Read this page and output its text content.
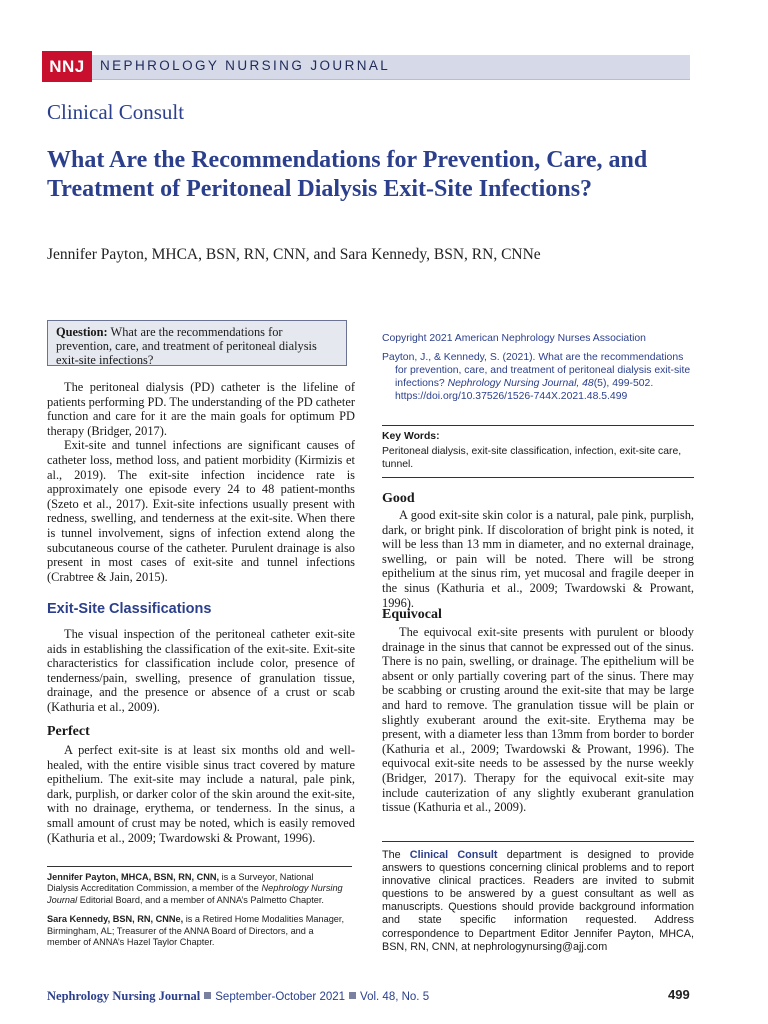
NNJ	NEPHROLOGY NURSING JOURNAL
Clinical Consult
What Are the Recommendations for Prevention, Care, and Treatment of Peritoneal Dialysis Exit-Site Infections?
Jennifer Payton, MHCA, BSN, RN, CNN, and Sara Kennedy, BSN, RN, CNNe
Question: What are the recommendations for prevention, care, and treatment of peritoneal dialysis exit-site infections?

The peritoneal dialysis (PD) catheter is the lifeline of patients performing PD. The understanding of the PD catheter function and care for it are the main goals for optimum PD therapy (Bridger, 2017).

Exit-site and tunnel infections are significant causes of catheter loss, method loss, and patient morbidity (Kirmizis et al., 2019). The exit-site infection incidence rate is approximately one episode every 24 to 48 patient-months (Szeto et al., 2017). Exit-site infections usually present with redness, swelling, and tenderness at the exit-site. When there is tunnel involvement, signs of infection extend along the subcutaneous course of the catheter. Purulent drainage is also present in most cases of exit-site and tunnel infections (Crabtree & Jain, 2015).

Exit-Site Classifications

The visual inspection of the peritoneal catheter exit-site aids in establishing the classification of the exit-site. Exit-site characteristics for classification include color, presence of tenderness/pain, swelling, presence of granulation tissue, drainage, and the presence or absence of a crust or scab (Kathuria et al., 2009).

Perfect

A perfect exit-site is at least six months old and well-healed, with the entire visible sinus tract covered by mature epithelium. The exit-site may include a natural, pale pink, dark, purplish, or darker color of the skin around the exit-site, with no drainage, erythema, or tenderness. In the sinus, a small amount of crust may be noted, which is easily removed (Kathuria et al., 2009; Twardowski & Prowant, 1996).

Jennifer Payton, MHCA, BSN, RN, CNN, is a Surveyor, National Dialysis Accreditation Commission, a member of the Nephrology Nursing Journal Editorial Board, and a member of ANNA’s Palmetto Chapter.

Sara Kennedy, BSN, RN, CNNe, is a Retired Home Modalities Manager, Birmingham, AL; Treasurer of the ANNA Board of Directors, and a member of ANNA’s Hazel Taylor Chapter.

Copyright 2021 American Nephrology Nurses Association
Payton, J., & Kennedy, S. (2021). What are the recommendations for prevention, care, and treatment of peritoneal dialysis exit-site infections? Nephrology Nursing Journal, 48(5), 499-502. https://doi.org/10.37526/1526-744X.2021.48.5.499
Key Words:
Peritoneal dialysis, exit-site classification, infection, exit-site care, tunnel.
Good

A good exit-site skin color is a natural, pale pink, purplish, dark, or bright pink. If discoloration of bright pink is noted, it will be less than 13 mm in diameter, and no external drainage, swelling, or pain will be noted. There will be strong epithelium at the sinus rim, yet mucosal and fragile deeper in the sinus (Kathuria et al., 2009; Twardowski & Prowant, 1996).

Equivocal

The equivocal exit-site presents with purulent or bloody drainage in the sinus that cannot be expressed out of the sinus. There is no pain, swelling, or drainage. The epithelium will be absent or only partially covering part of the sinus. There may be scabbing or crusting around the exit-site that may be large and hard to remove. The granulation tissue will be plain or slightly exuberant around the exit-site. Erythema may be present, with a diameter less than 13mm from border to border (Kathuria et al., 2009; Twardowski & Prowant, 1996). The equivocal exit-site needs to be assessed by the nurse weekly (Bridger, 2017). Therapy for the equivocal exit-site may include cauterization of any slightly exuberant granulation tissue (Kathuria et al., 2009).

The Clinical Consult department is designed to provide answers to questions concerning clinical problems and to report innovative clinical practices. Readers are invited to submit questions to be answered by a guest consultant as well as manuscripts. Questions should provide background information and state specific information requested. Address correspondence to Department Editor Jennifer Payton, MHCA, BSN, RN, CNN, at nephrologynursing@ajj.com
Nephrology Nursing Journal September-October 2021 Vol. 48, No. 5	499
